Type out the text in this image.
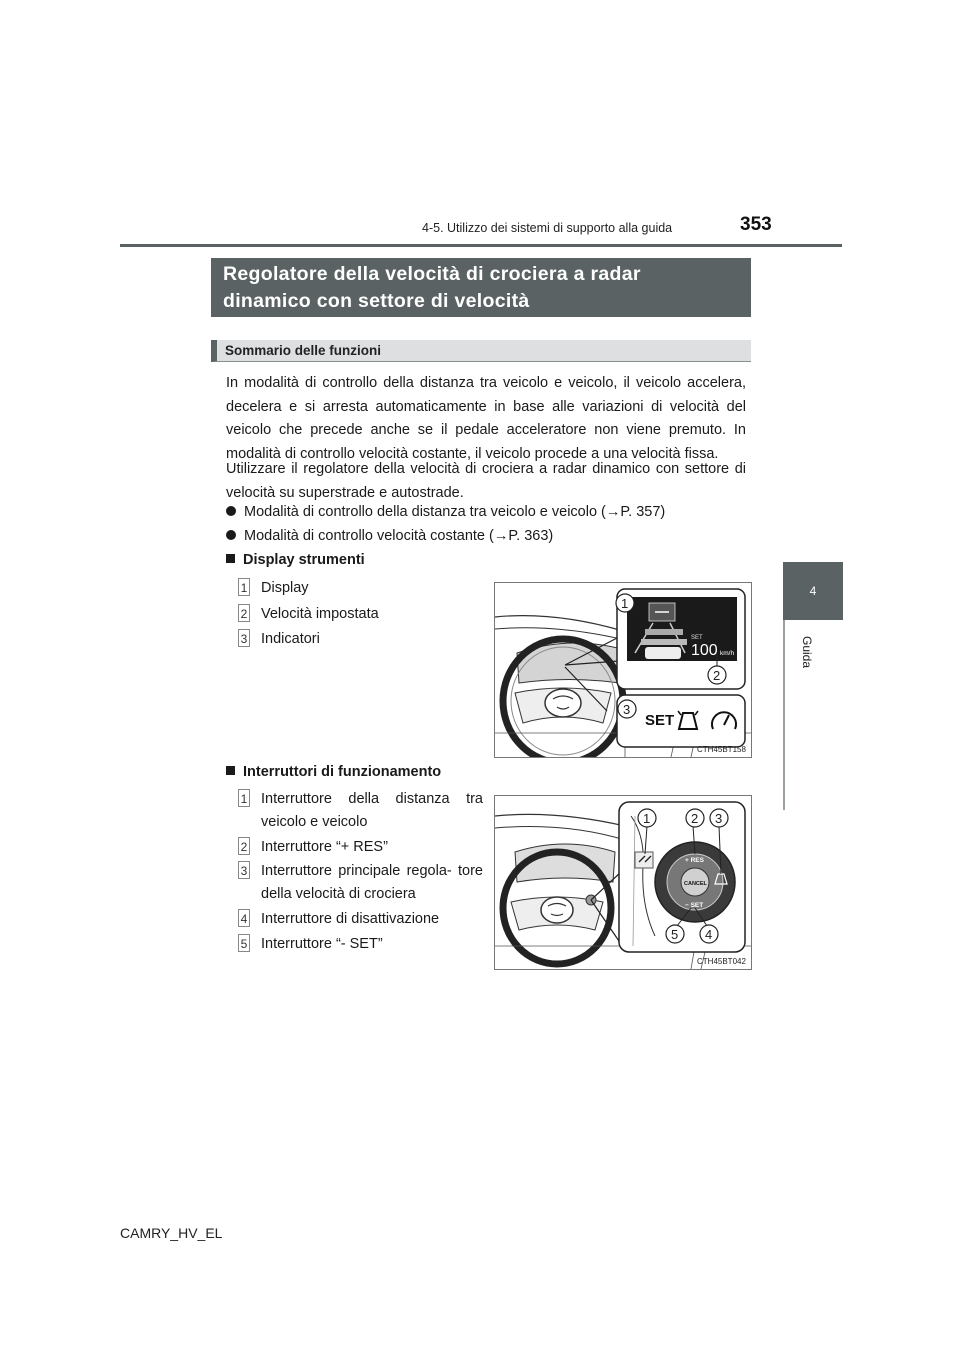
4-5. Utilizzo dei sistemi di supporto alla guida	353
4
Guida
Regolatore della velocità di crociera a radar
dinamico con settore di velocità
Sommario delle funzioni
In modalità di controllo della distanza tra veicolo e veicolo, il veicolo accelera, decelera e si arresta automaticamente in base alle variazioni di velocità del veicolo che precede anche se il pedale acceleratore non viene premuto. In modalità di controllo velocità costante, il veicolo procede a una velocità fissa.
Utilizzare il regolatore della velocità di crociera a radar dinamico con settore di velocità su superstrade e autostrade.
Modalità di controllo della distanza tra veicolo e veicolo (→P. 357)
Modalità di controllo velocità costante (→P. 363)
Display strumenti
1 Display
2 Velocità impostata
3 Indicatori	SET
100 km/h
1
2
3
SET
CTH45BT158
Interruttori di funzionamento
1 Interruttore della distanza tra veicolo e veicolo
2 Interruttore “+ RES”
3 Interruttore principale regola- tore della velocità di crociera
4 Interruttore di disattivazione
5 Interruttore “- SET”
CANCEL
+ RES
− SET
1	2 3
5 4
CTH45BT042
CAMRY_HV_EL
